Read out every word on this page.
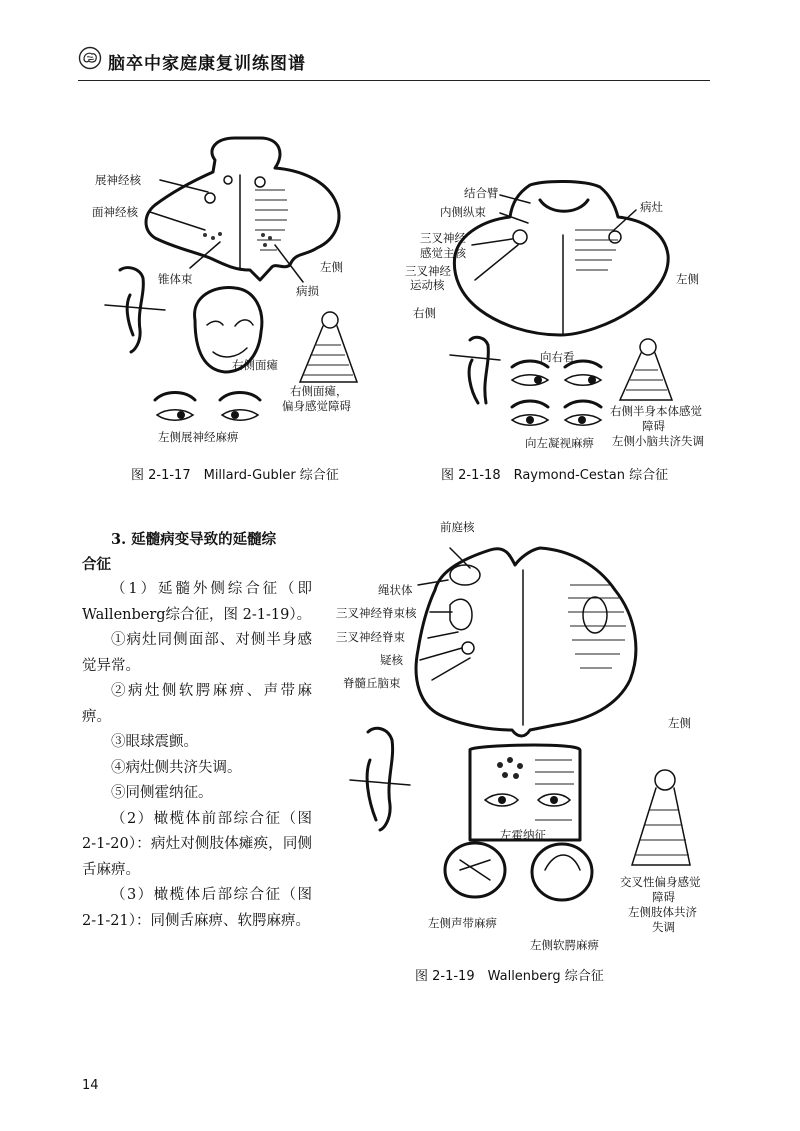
脑卒中家庭康复训练图谱
展神经核
面神经核
锥体束
左侧
病损
右侧面瘫
右侧面瘫，
偏身感觉障碍
左侧展神经麻痹
图 2-1-17　Millard-Gubler 综合征
结合臂
内侧纵束
三叉神经
感觉主核
三叉神经
运动核
病灶
左侧
右侧
向右看
向左凝视麻痹
右侧半身本体感觉
障碍
左侧小脑共济失调
图 2-1-18　Raymond-Cestan 综合征
前庭核
绳状体
三叉神经脊束核
三叉神经脊束
疑核
脊髓丘脑束
左侧
左霍纳征
左侧声带麻痹
左侧软腭麻痹
交叉性偏身感觉
障碍
左侧肢体共济
失调
图 2-1-19　Wallenberg 综合征

3. 延髓病变导致的延髓综

合征

（1）延髓外侧综合征（即 Wallenberg综合征，图 2-1-19）。

①病灶同侧面部、对侧半身感觉异常。

②病灶侧软腭麻痹、声带麻痹。

③眼球震颤。

④病灶侧共济失调。

⑤同侧霍纳征。

（2）橄榄体前部综合征（图 2-1-20）：病灶对侧肢体瘫痪，同侧舌麻痹。

（3）橄榄体后部综合征（图 2-1-21）：同侧舌麻痹、软腭麻痹。

14
